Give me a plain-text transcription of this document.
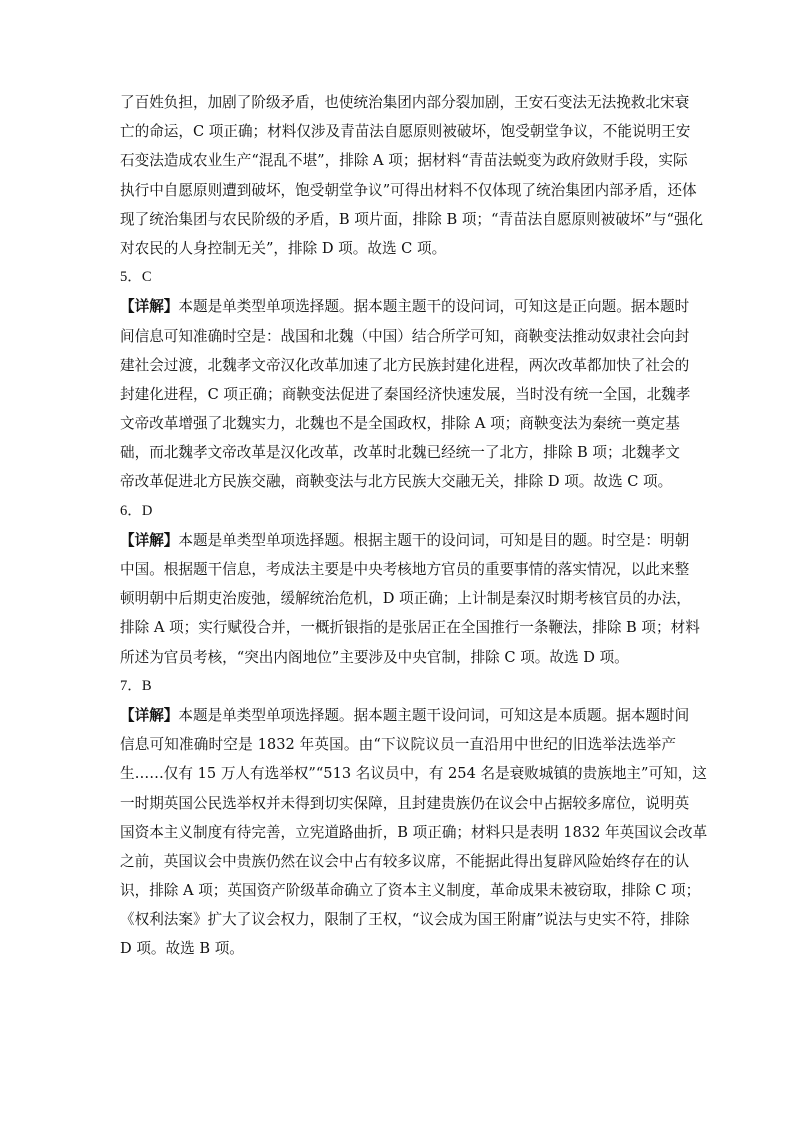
了百姓负担，加剧了阶级矛盾，也使统治集团内部分裂加剧，王安石变法无法挽救北宋衰
亡的命运，C 项正确；材料仅涉及青苗法自愿原则被破坏，饱受朝堂争议，不能说明王安
石变法造成农业生产“混乱不堪”，排除 A 项；据材料“青苗法蜕变为政府敛财手段，实际
执行中自愿原则遭到破坏，饱受朝堂争议”可得出材料不仅体现了统治集团内部矛盾，还体
现了统治集团与农民阶级的矛盾，B 项片面，排除 B 项；“青苗法自愿原则被破坏”与“强化
对农民的人身控制无关”，排除 D 项。故选 C 项。
5．C
【详解】本题是单类型单项选择题。据本题主题干的设问词，可知这是正向题。据本题时
间信息可知准确时空是：战国和北魏（中国）结合所学可知，商鞅变法推动奴隶社会向封
建社会过渡，北魏孝文帝汉化改革加速了北方民族封建化进程，两次改革都加快了社会的
封建化进程，C 项正确；商鞅变法促进了秦国经济快速发展，当时没有统一全国，北魏孝
文帝改革增强了北魏实力，北魏也不是全国政权，排除 A 项；商鞅变法为秦统一奠定基
础，而北魏孝文帝改革是汉化改革，改革时北魏已经统一了北方，排除 B 项；北魏孝文
帝改革促进北方民族交融，商鞅变法与北方民族大交融无关，排除 D 项。故选 C 项。
6．D
【详解】本题是单类型单项选择题。根据主题干的设问词，可知是目的题。时空是：明朝
中国。根据题干信息，考成法主要是中央考核地方官员的重要事情的落实情况，以此来整
顿明朝中后期吏治废弛，缓解统治危机，D 项正确；上计制是秦汉时期考核官员的办法，
排除 A 项；实行赋役合并，一概折银指的是张居正在全国推行一条鞭法，排除 B 项；材料
所述为官员考核，“突出内阁地位”主要涉及中央官制，排除 C 项。故选 D 项。
7．B
【详解】本题是单类型单项选择题。据本题主题干设问词，可知这是本质题。据本题时间
信息可知准确时空是 1832 年英国。由“下议院议员一直沿用中世纪的旧选举法选举产
生……仅有 15 万人有选举权”“513 名议员中，有 254 名是衰败城镇的贵族地主”可知，这
一时期英国公民选举权并未得到切实保障，且封建贵族仍在议会中占据较多席位，说明英
国资本主义制度有待完善，立宪道路曲折，B 项正确；材料只是表明 1832 年英国议会改革
之前，英国议会中贵族仍然在议会中占有较多议席，不能据此得出复辟风险始终存在的认
识，排除 A 项；英国资产阶级革命确立了资本主义制度，革命成果未被窃取，排除 C 项；
《权利法案》扩大了议会权力，限制了王权，“议会成为国王附庸”说法与史实不符，排除
D 项。故选 B 项。
